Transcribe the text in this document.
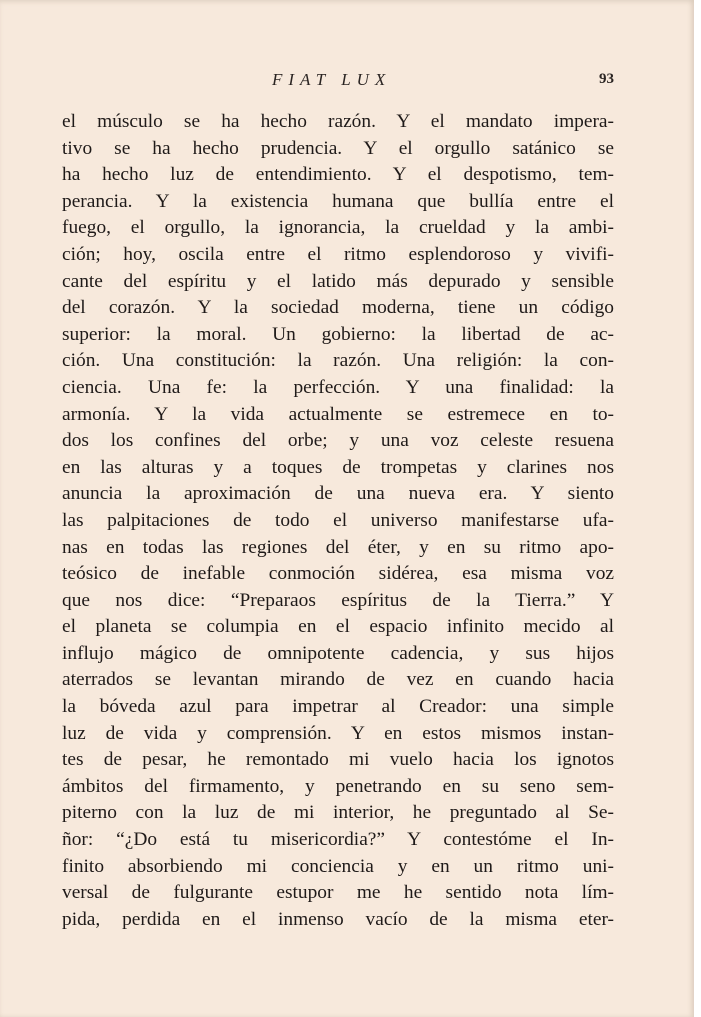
FIAT LUX	93
el músculo se ha hecho razón. Y el mandato impera-
tivo se ha hecho prudencia. Y el orgullo satánico se
ha hecho luz de entendimiento. Y el despotismo, tem-
perancia. Y la existencia humana que bullía entre el
fuego, el orgullo, la ignorancia, la crueldad y la ambi-
ción; hoy, oscila entre el ritmo esplendoroso y vivifi-
cante del espíritu y el latido más depurado y sensible
del corazón. Y la sociedad moderna, tiene un código
superior: la moral. Un gobierno: la libertad de ac-
ción. Una constitución: la razón. Una religión: la con-
ciencia. Una fe: la perfección. Y una finalidad: la
armonía. Y la vida actualmente se estremece en to-
dos los confines del orbe; y una voz celeste resuena
en las alturas y a toques de trompetas y clarines nos
anuncia la aproximación de una nueva era. Y siento
las palpitaciones de todo el universo manifestarse ufa-
nas en todas las regiones del éter, y en su ritmo apo-
teósico de inefable conmoción sidérea, esa misma voz
que nos dice: “Preparaos espíritus de la Tierra.” Y
el planeta se columpia en el espacio infinito mecido al
influjo mágico de omnipotente cadencia, y sus hijos
aterrados se levantan mirando de vez en cuando hacia
la bóveda azul para impetrar al Creador: una simple
luz de vida y comprensión. Y en estos mismos instan-
tes de pesar, he remontado mi vuelo hacia los ignotos
ámbitos del firmamento, y penetrando en su seno sem-
piterno con la luz de mi interior, he preguntado al Se-
ñor: “¿Do está tu misericordia?” Y contestóme el In-
finito absorbiendo mi conciencia y en un ritmo uni-
versal de fulgurante estupor me he sentido nota lím-
pida, perdida en el inmenso vacío de la misma eter-
